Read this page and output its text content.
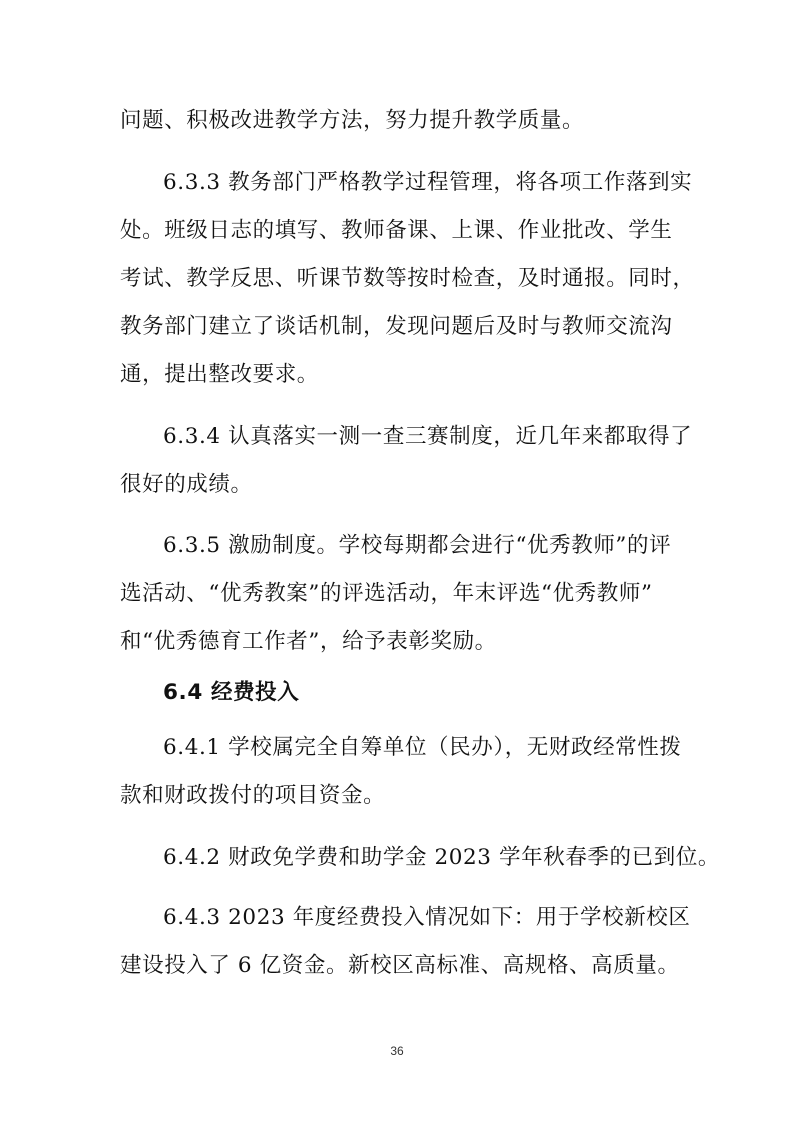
问题、积极改进教学方法，努力提升教学质量。
6.3.3 教务部门严格教学过程管理，将各项工作落到实
处。班级日志的填写、教师备课、上课、作业批改、学生
考试、教学反思、听课节数等按时检查，及时通报。同时，
教务部门建立了谈话机制，发现问题后及时与教师交流沟
通，提出整改要求。
6.3.4 认真落实一测一查三赛制度，近几年来都取得了
很好的成绩。
6.3.5 激励制度。学校每期都会进行“优秀教师”的评
选活动、“优秀教案”的评选活动，年末评选“优秀教师”
和“优秀德育工作者”，给予表彰奖励。
6.4 经费投入
6.4.1 学校属完全自筹单位（民办），无财政经常性拨
款和财政拨付的项目资金。
6.4.2 财政免学费和助学金 2023 学年秋春季的已到位。
6.4.3 2023 年度经费投入情况如下：用于学校新校区
建设投入了 6 亿资金。新校区高标准、高规格、高质量。
36
